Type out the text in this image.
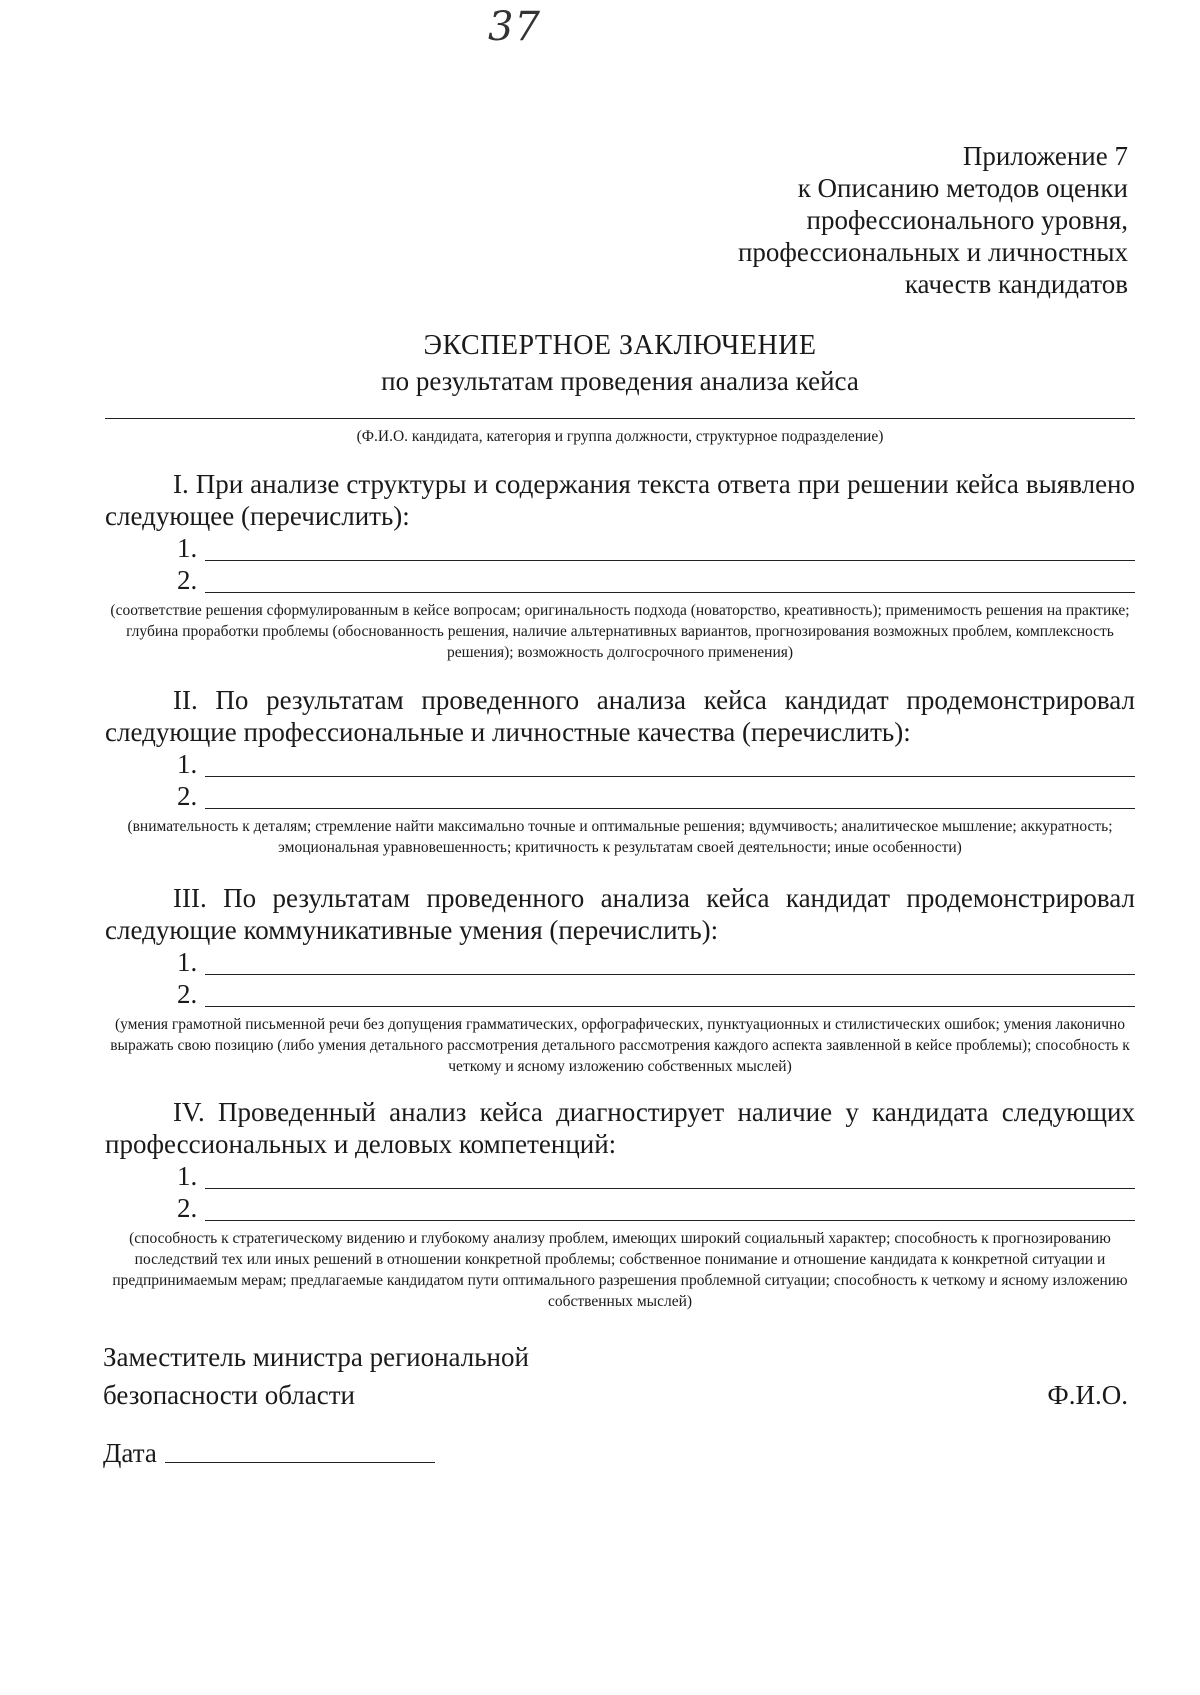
37
Приложение 7
к Описанию методов оценки
профессионального уровня,
профессиональных и личностных
качеств кандидатов
ЭКСПЕРТНОЕ ЗАКЛЮЧЕНИЕ
по результатам проведения анализа кейса
(Ф.И.О. кандидата, категория и группа должности, структурное подразделение)

I. При анализе структуры и содержания текста ответа при решении кейса выявлено следующее (перечислить):

1.
2.
(соответствие решения сформулированным в кейсе вопросам; оригинальность подхода (новаторство, креативность); применимость решения на практике; глубина проработки проблемы (обоснованность решения, наличие альтернативных вариантов, прогнозирования возможных проблем, комплексность решения); возможность долгосрочного применения)

II. По результатам проведенного анализа кейса кандидат продемонстрировал следующие профессиональные и личностные качества (перечислить):

1.
2.
(внимательность к деталям; стремление найти максимально точные и оптимальные решения; вдумчивость; аналитическое мышление; аккуратность; эмоциональная уравновешенность; критичность к результатам своей деятельности; иные особенности)

III. По результатам проведенного анализа кейса кандидат продемонстрировал следующие коммуникативные умения (перечислить):

1.
2.
(умения грамотной письменной речи без допущения грамматических, орфографических, пунктуационных и стилистических ошибок; умения лаконично выражать свою позицию (либо умения детального рассмотрения детального рассмотрения каждого аспекта заявленной в кейсе проблемы); способность к четкому и ясному изложению собственных мыслей)

IV. Проведенный анализ кейса диагностирует наличие у кандидата следующих профессиональных и деловых компетенций:

1.
2.
(способность к стратегическому видению и глубокому анализу проблем, имеющих широкий социальный характер; способность к прогнозированию последствий тех или иных решений в отношении конкретной проблемы; собственное понимание и отношение кандидата к конкретной ситуации и предпринимаемым мерам; предлагаемые кандидатом пути оптимального разрешения проблемной ситуации; способность к четкому и ясному изложению собственных мыслей)
Заместитель министра региональной
безопасности области	Ф.И.О.
Дата
